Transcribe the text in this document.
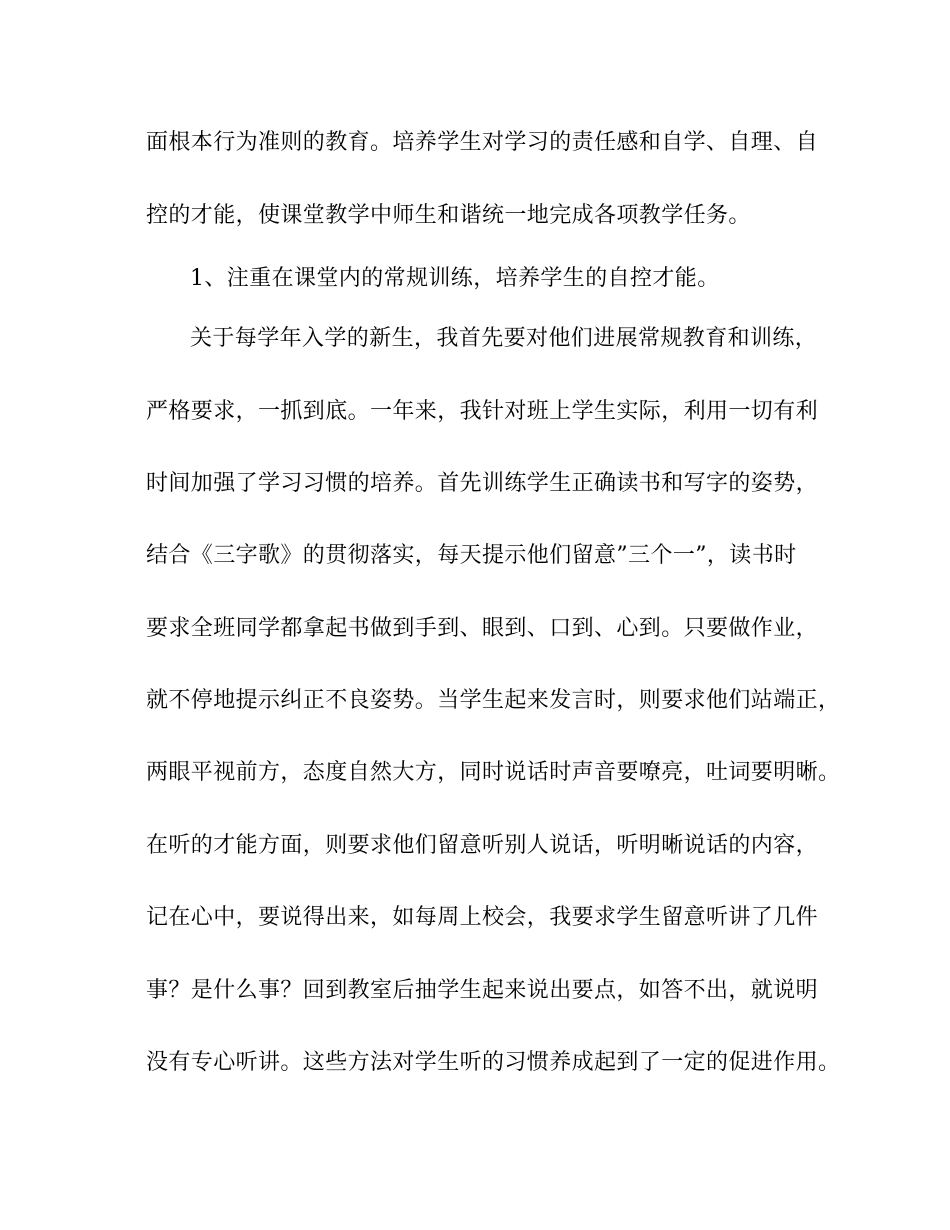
面根本行为准则的教育。培养学生对学习的责任感和自学、自理、自
控的才能，使课堂教学中师生和谐统一地完成各项教学任务。
1、注重在课堂内的常规训练，培养学生的自控才能。
关于每学年入学的新生，我首先要对他们进展常规教育和训练，
严格要求，一抓到底。一年来，我针对班上学生实际，利用一切有利
时间加强了学习习惯的培养。首先训练学生正确读书和写字的姿势，
结合《三字歌》的贯彻落实，每天提示他们留意”三个一”，读书时
要求全班同学都拿起书做到手到、眼到、口到、心到。只要做作业，
就不停地提示纠正不良姿势。当学生起来发言时，则要求他们站端正，
两眼平视前方，态度自然大方，同时说话时声音要嘹亮，吐词要明晰。
在听的才能方面，则要求他们留意听别人说话，听明晰说话的内容，
记在心中，要说得出来，如每周上校会，我要求学生留意听讲了几件
事？是什么事？回到教室后抽学生起来说出要点，如答不出，就说明
没有专心听讲。这些方法对学生听的习惯养成起到了一定的促进作用。
